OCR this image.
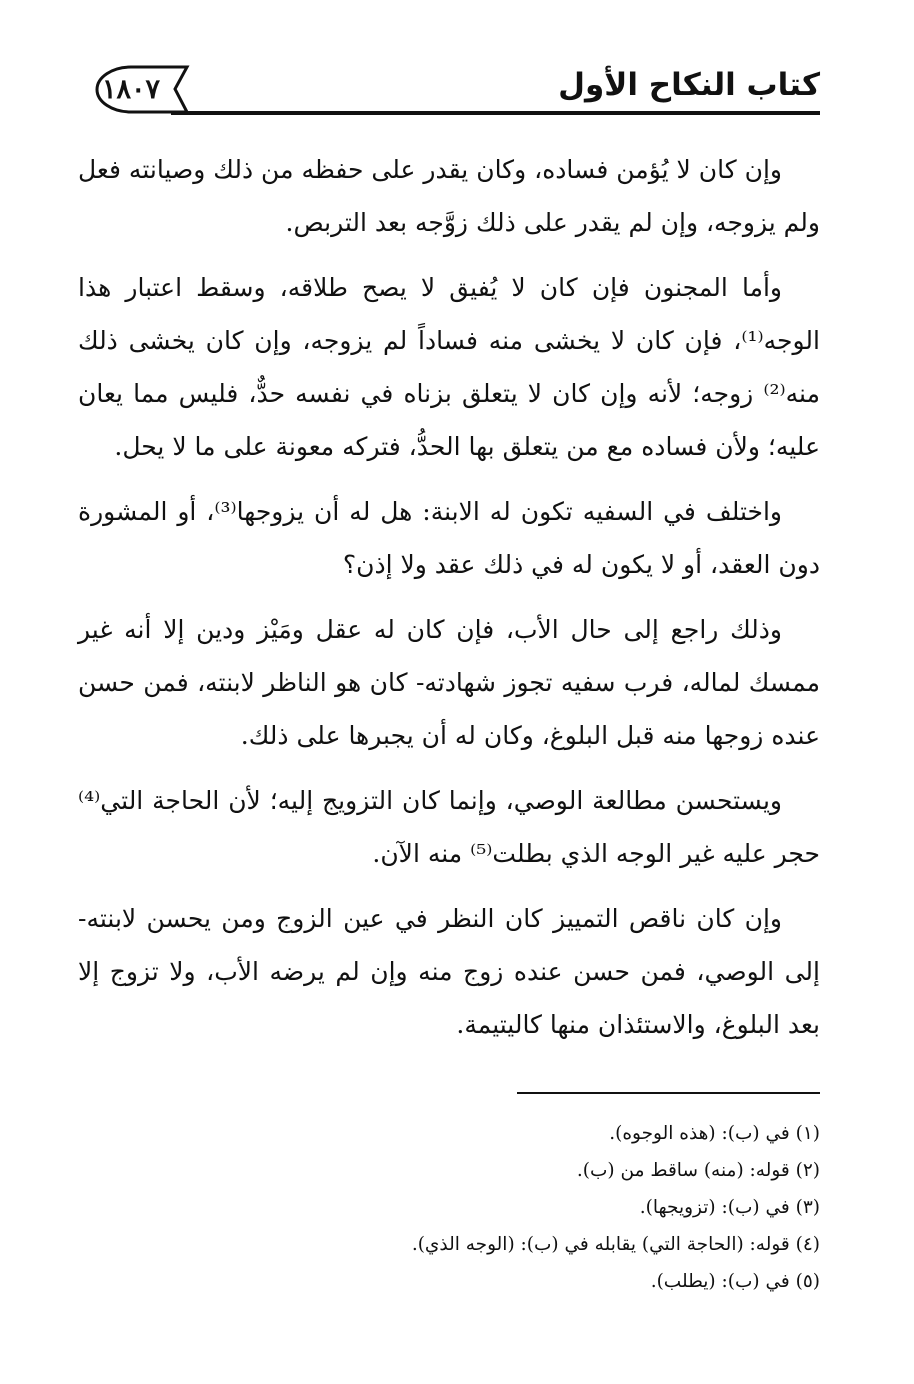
١٨٠٧	كتاب النكاح الأول

وإن كان لا يُؤمن فساده، وكان يقدر على حفظه من ذلك وصيانته فعل ولم يزوجه، وإن لم يقدر على ذلك زوَّجه بعد التربص.

وأما المجنون فإن كان لا يُفيق لا يصح طلاقه، وسقط اعتبار هذا الوجه⁽¹⁾، فإن كان لا يخشى منه فساداً لم يزوجه، وإن كان يخشى ذلك منه⁽²⁾ زوجه؛ لأنه وإن كان لا يتعلق بزناه في نفسه حدٌّ، فليس مما يعان عليه؛ ولأن فساده مع من يتعلق بها الحدُّ، فتركه معونة على ما لا يحل.

واختلف في السفيه تكون له الابنة: هل له أن يزوجها⁽³⁾، أو المشورة دون العقد، أو لا يكون له في ذلك عقد ولا إذن؟

وذلك راجع إلى حال الأب، فإن كان له عقل ومَيْز ودين إلا أنه غير ممسك لماله، فرب سفيه تجوز شهادته- كان هو الناظر لابنته، فمن حسن عنده زوجها منه قبل البلوغ، وكان له أن يجبرها على ذلك.

ويستحسن مطالعة الوصي، وإنما كان التزويج إليه؛ لأن الحاجة التي⁽⁴⁾ حجر عليه غير الوجه الذي بطلت⁽⁵⁾ منه الآن.

وإن كان ناقص التمييز كان النظر في عين الزوج ومن يحسن لابنته- إلى الوصي، فمن حسن عنده زوج منه وإن لم يرضه الأب، ولا تزوج إلا بعد البلوغ، والاستئذان منها كاليتيمة.

(١) في (ب): (هذه الوجوه).
(٢) قوله: (منه) ساقط من (ب).
(٣) في (ب): (تزويجها).
(٤) قوله: (الحاجة التي) يقابله في (ب): (الوجه الذي).
(٥) في (ب): (يطلب).
